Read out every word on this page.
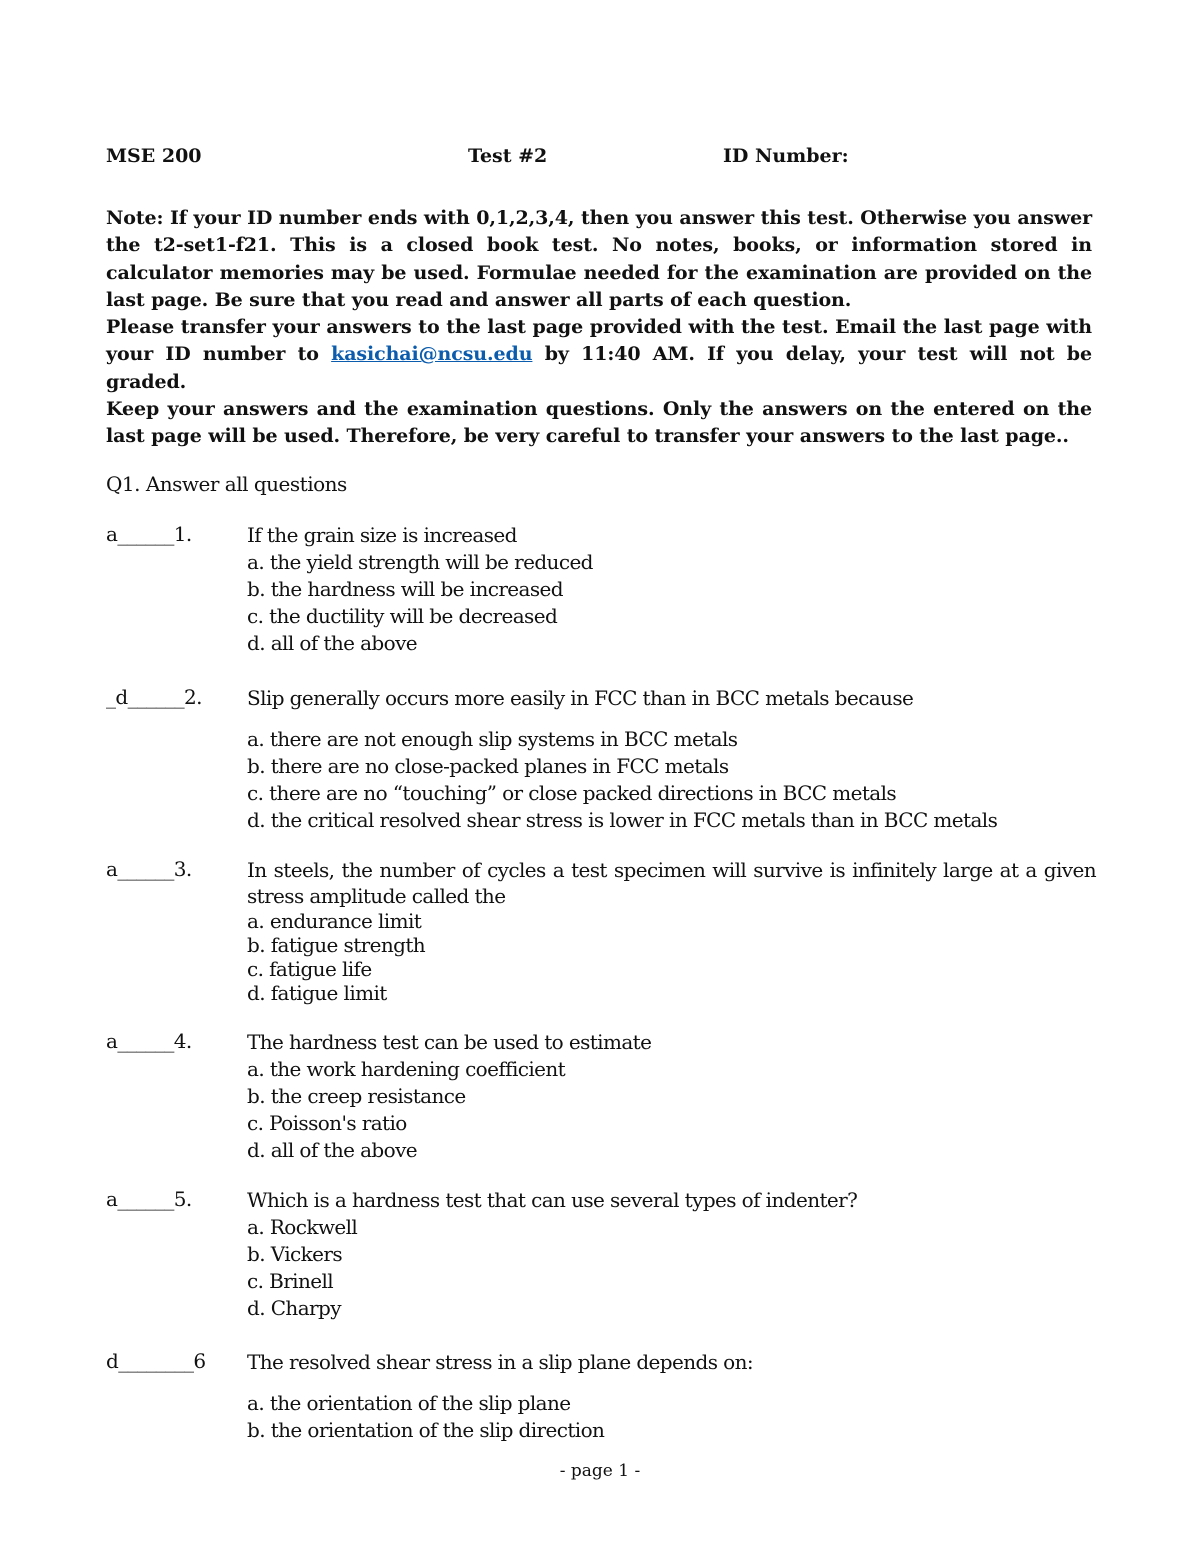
MSE 200	Test #2	ID Number:

Note: If your ID number ends with 0,1,2,3,4, then you answer this test. Otherwise you answer the t2-set1-f21. This is a closed book test. No notes, books, or information stored in calculator memories may be used. Formulae needed for the examination are provided on the last page. Be sure that you read and answer all parts of each question.

Please transfer your answers to the last page provided with the test. Email the last page with your ID number to kasichai@ncsu.edu by 11:40 AM. If you delay, your test will not be graded.

Keep your answers and the examination questions. Only the answers on the entered on the last page will be used. Therefore, be very careful to transfer your answers to the last page..

Q1. Answer all questions
a______1.	If the grain size is increased
a. the yield strength will be reduced
b. the hardness will be increased
c. the ductility will be decreased
d. all of the above
_d______2. Slip generally occurs more easily in FCC than in BCC metals because
a. there are not enough slip systems in BCC metals
b. there are no close-packed planes in FCC metals
c. there are no “touching” or close packed directions in BCC metals
d. the critical resolved shear stress is lower in FCC metals than in BCC metals
a______3.	In steels, the number of cycles a test specimen will survive is infinitely large at a given stress amplitude called the
a. endurance limit
b. fatigue strength
c. fatigue life
d. fatigue limit
a______4.	The hardness test can be used to estimate
a. the work hardening coefficient
b. the creep resistance
c. Poisson's ratio
d. all of the above
a______5.	Which is a hardness test that can use several types of indenter?
a. Rockwell
b. Vickers
c. Brinell
d. Charpy
d________6 The resolved shear stress in a slip plane depends on:
a. the orientation of the slip plane
b. the orientation of the slip direction
- page 1 -
